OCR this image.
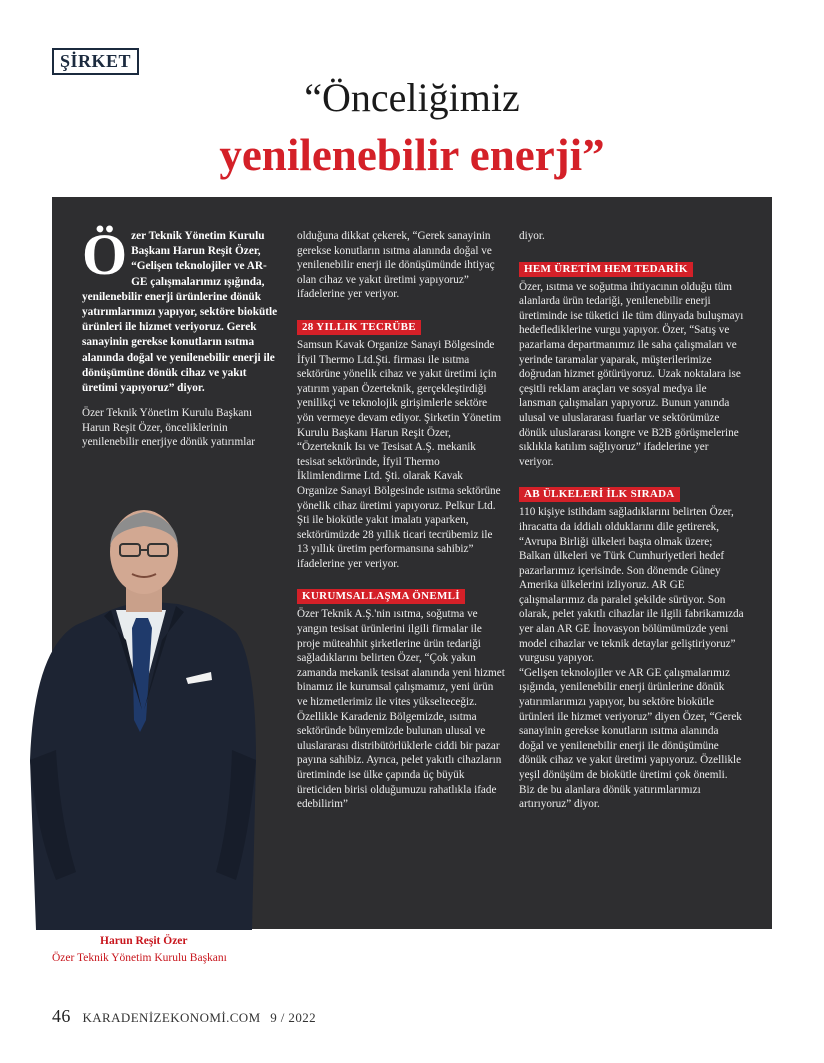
ŞİRKET
“Önceliğimiz
yenilenebilir enerji”

Özer Teknik Yönetim Kurulu Başkanı Harun Reşit Özer, “Gelişen teknolojiler ve AR-GE çalışmalarımız ışığında, yenilenebilir enerji ürünlerine dönük yatırımlarımızı yapıyor, sektöre biokütle ürünleri ile hizmet veriyoruz. Gerek sanayinin gerekse konutların ısıtma alanında doğal ve yenilenebilir enerji ile dönüşümüne dönük cihaz ve yakıt üretimi yapıyoruz” diyor.

Özer Teknik Yönetim Kurulu Başkanı Harun Reşit Özer, önceliklerinin yenilenebilir enerjiye dönük yatırımlar

olduğuna dikkat çekerek, “Gerek sanayinin gerekse konutların ısıtma alanında doğal ve yenilenebilir enerji ile dönüşümünde ihtiyaç olan cihaz ve yakıt üretimi yapıyoruz” ifadelerine yer veriyor.

28 YILLIK TECRÜBE

Samsun Kavak Organize Sanayi Bölgesinde İfyil Thermo Ltd.Şti. firması ile ısıtma sektörüne yönelik cihaz ve yakıt üretimi için yatırım yapan Özerteknik, gerçekleştirdiği yenilikçi ve teknolojik girişimlerle sektöre yön vermeye devam ediyor. Şirketin Yönetim Kurulu Başkanı Harun Reşit Özer, “Özerteknik Isı ve Tesisat A.Ş. mekanik tesisat sektöründe, İfyil Thermo İklimlendirme Ltd. Şti. olarak Kavak Organize Sanayi Bölgesinde ısıtma sektörüne yönelik cihaz üretimi yapıyoruz. Pelkur Ltd. Şti ile biokütle yakıt imalatı yaparken, sektörümüzde 28 yıllık ticari tecrübemiz ile 13 yıllık üretim performansına sahibiz” ifadelerine yer veriyor.

KURUMSALLAŞMA ÖNEMLİ

Özer Teknik A.Ş.'nin ısıtma, soğutma ve yangın tesisat ürünlerini ilgili firmalar ile proje müteahhit şirketlerine ürün tedariği sağladıklarını belirten Özer, “Çok yakın zamanda mekanik tesisat alanında yeni hizmet binamız ile kurumsal çalışmamız, yeni ürün ve hizmetlerimiz ile vites yükselteceğiz. Özellikle Karadeniz Bölgemizde, ısıtma sektöründe bünyemizde bulunan ulusal ve uluslararası distribütörlüklerle ciddi bir pazar payına sahibiz. Ayrıca, pelet yakıtlı cihazların üretiminde ise ülke çapında üç büyük üreticiden birisi olduğumuzu rahatlıkla ifade edebilirim”

diyor.

HEM ÜRETİM HEM TEDARİK

Özer, ısıtma ve soğutma ihtiyacının olduğu tüm alanlarda ürün tedariği, yenilenebilir enerji üretiminde ise tüketici ile tüm dünyada buluşmayı hedeflediklerine vurgu yapıyor. Özer, “Satış ve pazarlama departmanımız ile saha çalışmaları ve yerinde taramalar yaparak, müşterilerimize doğrudan hizmet götürüyoruz. Uzak noktalara ise çeşitli reklam araçları ve sosyal medya ile lansman çalışmaları yapıyoruz. Bunun yanında ulusal ve uluslararası fuarlar ve sektörümüze dönük uluslararası kongre ve B2B görüşmelerine sıklıkla katılım sağlıyoruz” ifadelerine yer veriyor.

AB ÜLKELERİ İLK SIRADA

110 kişiye istihdam sağladıklarını belirten Özer, ihracatta da iddialı olduklarını dile getirerek, “Avrupa Birliği ülkeleri başta olmak üzere; Balkan ülkeleri ve Türk Cumhuriyetleri hedef pazarlarımız içerisinde. Son dönemde Güney Amerika ülkelerini izliyoruz. AR GE çalışmalarımız da paralel şekilde sürüyor. Son olarak, pelet yakıtlı cihazlar ile ilgili fabrikamızda yer alan AR GE İnovasyon bölümümüzde yeni model cihazlar ve teknik detaylar geliştiriyoruz” vurgusu yapıyor.

“Gelişen teknolojiler ve AR GE çalışmalarımız ışığında, yenilenebilir enerji ürünlerine dönük yatırımlarımızı yapıyor, bu sektöre biokütle ürünleri ile hizmet veriyoruz” diyen Özer, “Gerek sanayinin gerekse konutların ısıtma alanında doğal ve yenilenebilir enerji ile dönüşümüne dönük cihaz ve yakıt üretimi yapıyoruz. Özellikle yeşil dönüşüm de biokütle üretimi çok önemli. Biz de bu alanlara dönük yatırımlarımızı artırıyoruz” diyor.

Harun Reşit Özer
Özer Teknik Yönetim Kurulu Başkanı
46 KARADENİZEKONOMİ.COM 9 / 2022
